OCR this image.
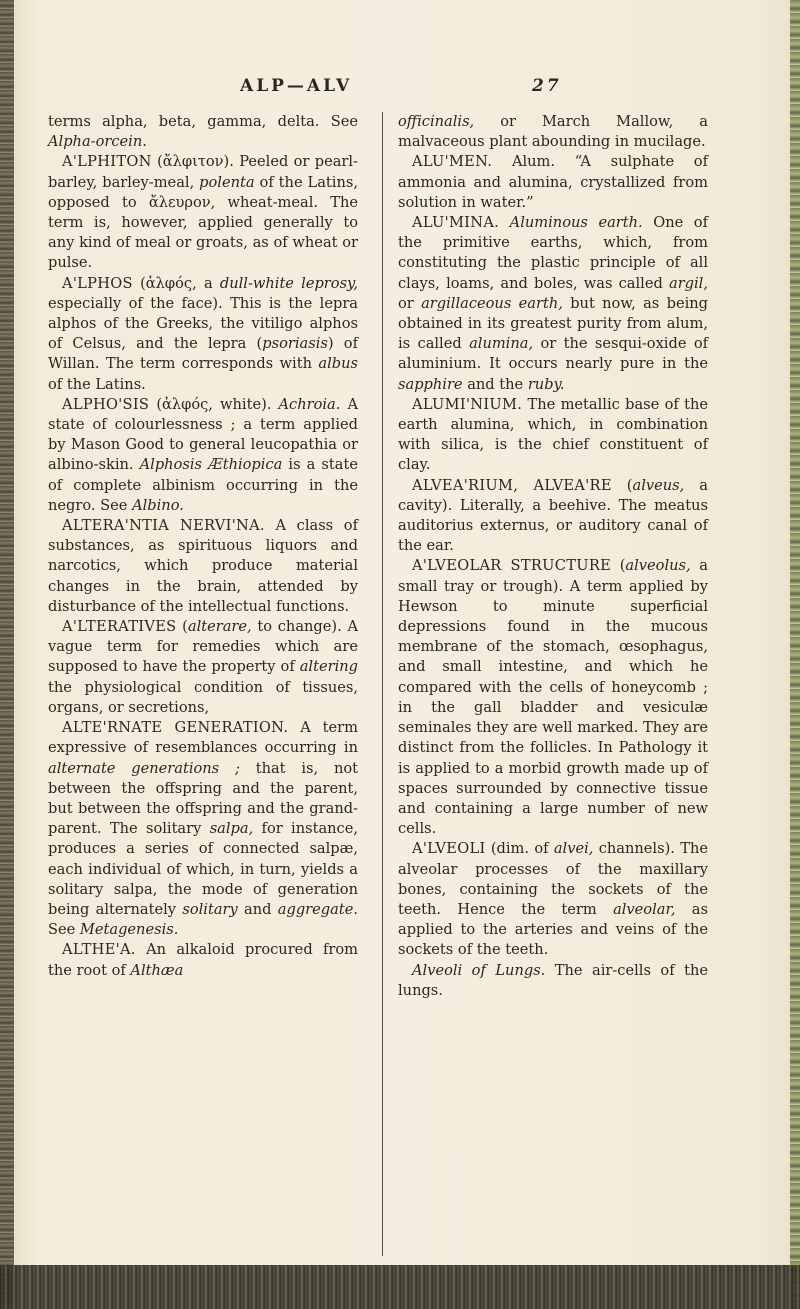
ALP—ALV	27

terms alpha, beta, gamma, delta. See Alpha-orcein.

A'LPHITON (ἄλφιτον). Peeled or pearl-barley, barley-meal, polenta of the Latins, opposed to ἄλευρον, wheat-meal. The term is, however, applied generally to any kind of meal or groats, as of wheat or pulse.

A'LPHOS (ἀλφός, a dull-white leprosy, especially of the face). This is the lepra alphos of the Greeks, the vitiligo alphos of Celsus, and the lepra (psoriasis) of Willan. The term corresponds with albus of the Latins.

ALPHO'SIS (ἀλφός, white). Achroia. A state of colourlessness ; a term applied by Mason Good to general leucopathia or albino-skin. Alphosis Æthiopica is a state of complete albinism occurring in the negro. See Albino.

ALTERA'NTIA NERVI'NA. A class of substances, as spirituous liquors and narcotics, which produce material changes in the brain, attended by disturbance of the intellectual functions.

A'LTERATIVES (alterare, to change). A vague term for remedies which are supposed to have the property of altering the physiological condition of tissues, organs, or secretions,

ALTE'RNATE GENERATION. A term expressive of resemblances occurring in alternate generations ; that is, not between the offspring and the parent, but between the offspring and the grand-parent. The solitary salpa, for instance, produces a series of connected salpæ, each individual of which, in turn, yields a solitary salpa, the mode of generation being alternately solitary and aggregate. See Metagenesis.

ALTHE'A. An alkaloid procured from the root of Althæa

officinalis, or March Mallow, a malvaceous plant abounding in mucilage.

ALU'MEN. Alum. “A sulphate of ammonia and alumina, crystallized from solution in water.”

ALU'MINA. Aluminous earth. One of the primitive earths, which, from constituting the plastic principle of all clays, loams, and boles, was called argil, or argillaceous earth, but now, as being obtained in its greatest purity from alum, is called alumina, or the sesqui-oxide of aluminium. It occurs nearly pure in the sapphire and the ruby.

ALUMI'NIUM. The metallic base of the earth alumina, which, in combination with silica, is the chief constituent of clay.

ALVEA'RIUM, ALVEA'RE (alveus, a cavity). Literally, a beehive. The meatus auditorius externus, or auditory canal of the ear.

A'LVEOLAR STRUCTURE (alveolus, a small tray or trough). A term applied by Hewson to minute superficial depressions found in the mucous membrane of the stomach, œsophagus, and small intestine, and which he compared with the cells of honeycomb ; in the gall bladder and vesiculæ seminales they are well marked. They are distinct from the follicles. In Pathology it is applied to a morbid growth made up of spaces surrounded by connective tissue and containing a large number of new cells.

A'LVEOLI (dim. of alvei, channels). The alveolar processes of the maxillary bones, containing the sockets of the teeth. Hence the term alveolar, as applied to the arteries and veins of the sockets of the teeth.

Alveoli of Lungs. The air-cells of the lungs.
